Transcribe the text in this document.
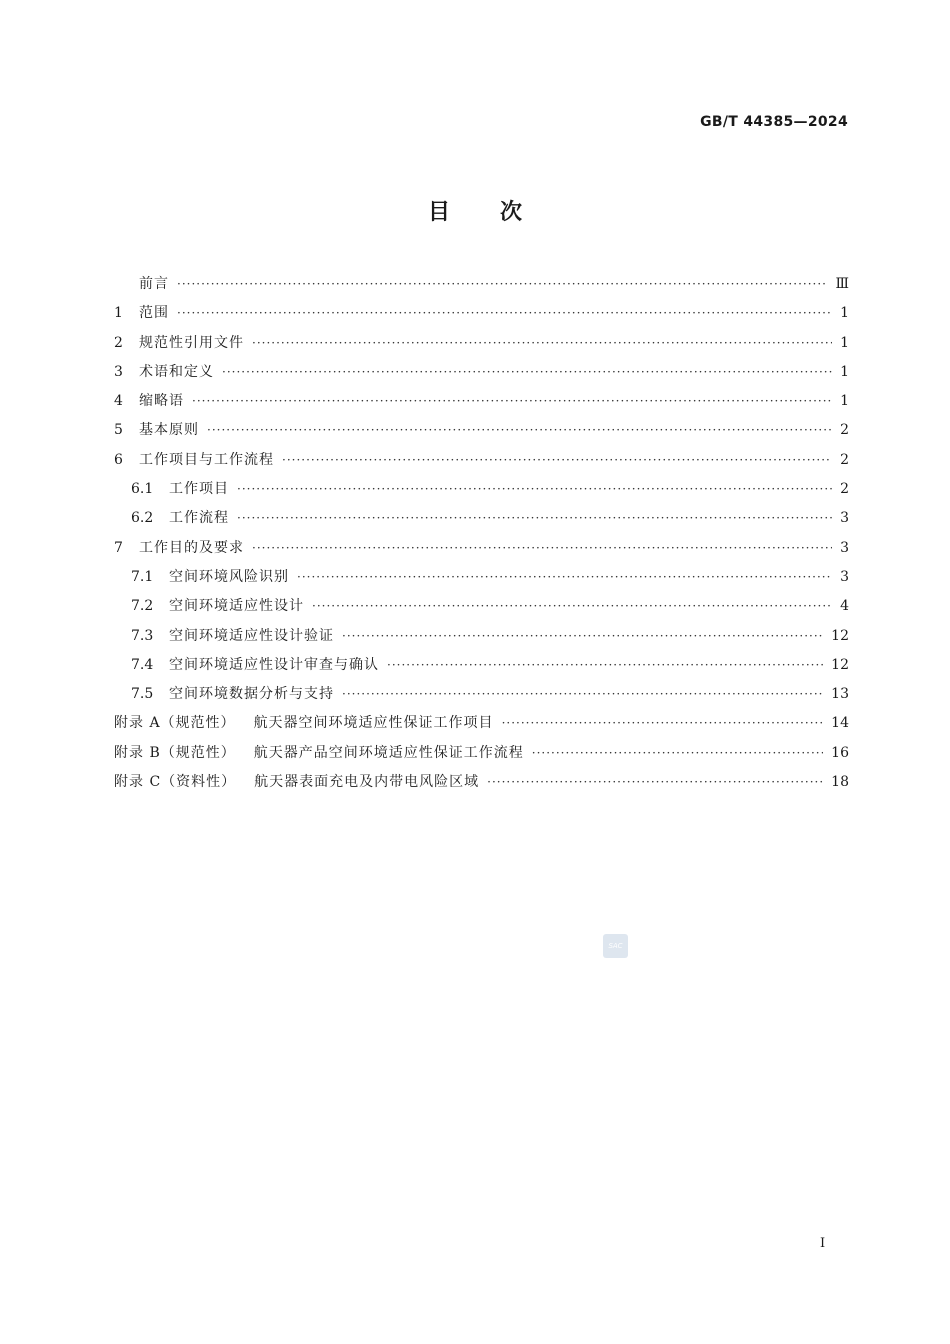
GB/T 44385—2024
目次
前言 ·····	Ⅲ
1	范围 ·····	1
2	规范性引用文件 ·····	1
3	术语和定义 ·····	1
4	缩略语 ·····	1
5	基本原则 ·····	2
6	工作项目与工作流程 ·····	2
6.1	工作项目 ·····	2
6.2	工作流程 ·····	3
7	工作目的及要求 ·····	3
7.1	空间环境风险识别 ·····	3
7.2	空间环境适应性设计 ·····	4
7.3	空间环境适应性设计验证 ·····	12
7.4	空间环境适应性设计审查与确认 ·····	12
7.5	空间环境数据分析与支持 ·····	13
附录 A（规范性） 航天器空间环境适应性保证工作项目 ·····	14
附录 B（规范性） 航天器产品空间环境适应性保证工作流程 ·····	16
附录 C（资料性） 航天器表面充电及内带电风险区域 ·····	18
SAC
I
